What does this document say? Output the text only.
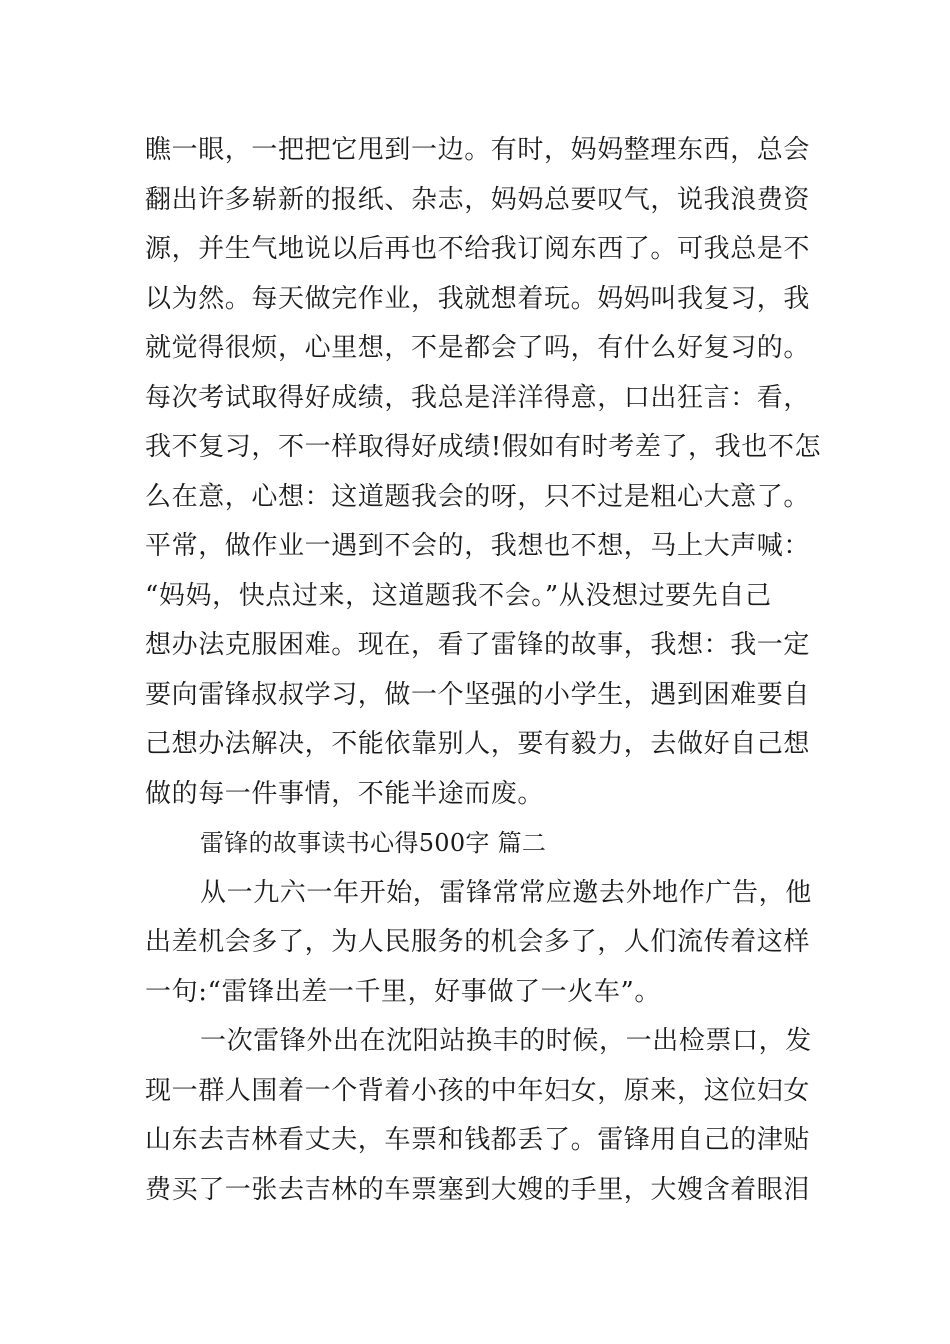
瞧一眼，一把把它甩到一边。有时，妈妈整理东西，总会
翻出许多崭新的报纸、杂志，妈妈总要叹气，说我浪费资
源，并生气地说以后再也不给我订阅东西了。可我总是不
以为然。每天做完作业，我就想着玩。妈妈叫我复习，我
就觉得很烦，心里想，不是都会了吗，有什么好复习的。
每次考试取得好成绩，我总是洋洋得意，口出狂言：看，
我不复习，不一样取得好成绩!假如有时考差了，我也不怎
么在意，心想：这道题我会的呀，只不过是粗心大意了。
平常，做作业一遇到不会的，我想也不想，马上大声喊：
“妈妈，快点过来，这道题我不会。”从没想过要先自己
想办法克服困难。现在，看了雷锋的故事，我想：我一定
要向雷锋叔叔学习，做一个坚强的小学生，遇到困难要自
己想办法解决，不能依靠别人，要有毅力，去做好自己想
做的每一件事情，不能半途而废。
雷锋的故事读书心得500字 篇二
从一九六一年开始，雷锋常常应邀去外地作广告，他
出差机会多了，为人民服务的机会多了，人们流传着这样
一句:“雷锋出差一千里，好事做了一火车”。
一次雷锋外出在沈阳站换丰的时候，一出检票口，发
现一群人围着一个背着小孩的中年妇女，原来，这位妇女
山东去吉林看丈夫，车票和钱都丢了。雷锋用自己的津贴
费买了一张去吉林的车票塞到大嫂的手里，大嫂含着眼泪
